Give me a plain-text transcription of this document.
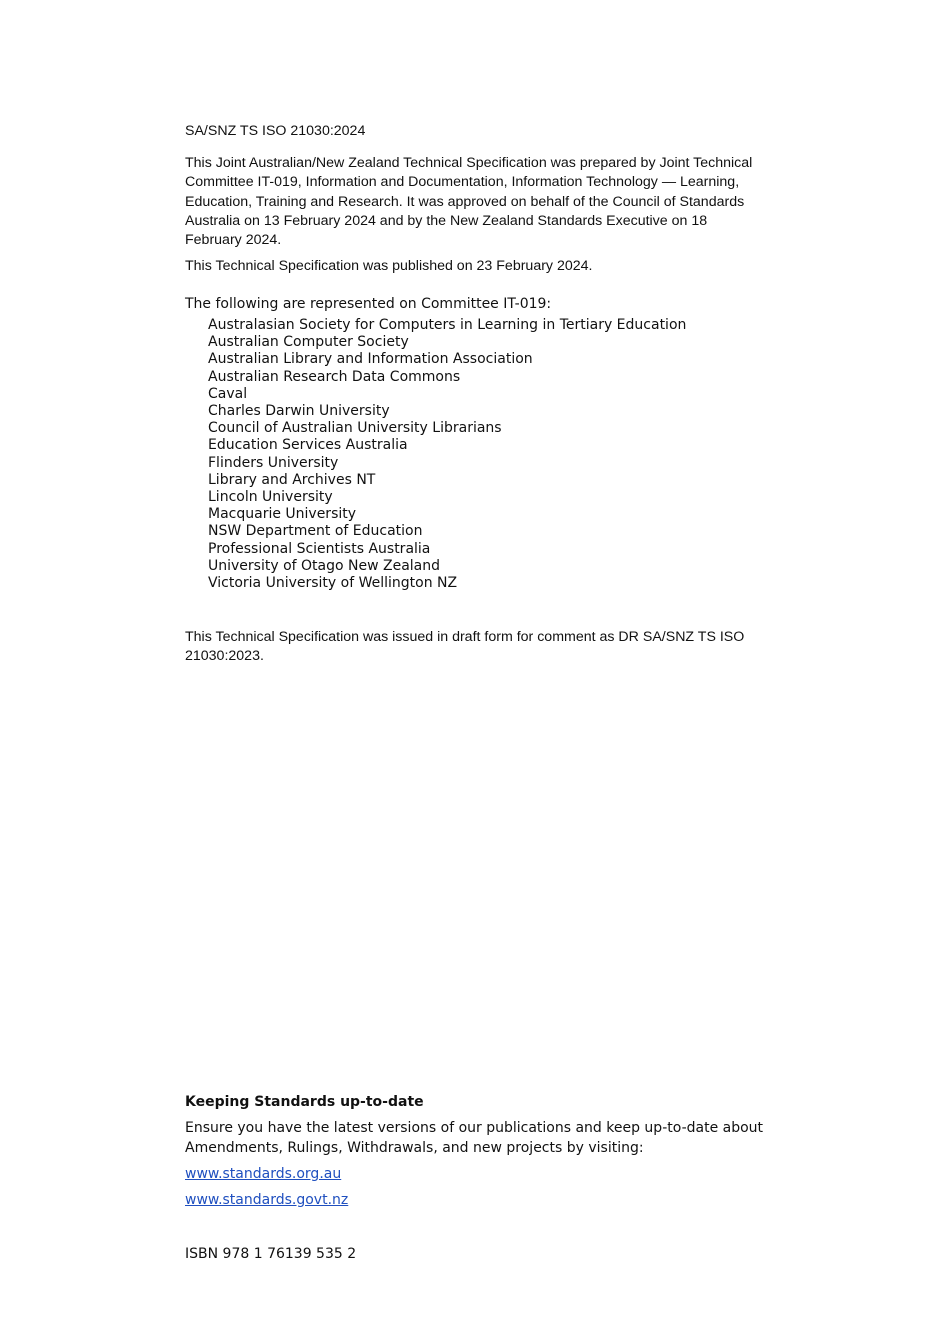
SA/SNZ TS ISO 21030:2024

This Joint Australian/New Zealand Technical Specification was prepared by Joint Technical Committee IT-019, Information and Documentation, Information Technology — Learning, Education, Training and Research. It was approved on behalf of the Council of Standards Australia on 13 February 2024 and by the New Zealand Standards Executive on 18 February 2024.

This Technical Specification was published on 23 February 2024.

The following are represented on Committee IT-019:

Australasian Society for Computers in Learning in Tertiary Education
Australian Computer Society
Australian Library and Information Association
Australian Research Data Commons
Caval
Charles Darwin University
Council of Australian University Librarians
Education Services Australia
Flinders University
Library and Archives NT
Lincoln University
Macquarie University
NSW Department of Education
Professional Scientists Australia
University of Otago New Zealand
Victoria University of Wellington NZ

This Technical Specification was issued in draft form for comment as DR SA/SNZ TS ISO 21030:2023.

Keeping Standards up-to-date

Ensure you have the latest versions of our publications and keep up-to-date about Amendments, Rulings, Withdrawals, and new projects by visiting:

www.standards.org.au
www.standards.govt.nz

ISBN 978 1 76139 535 2
